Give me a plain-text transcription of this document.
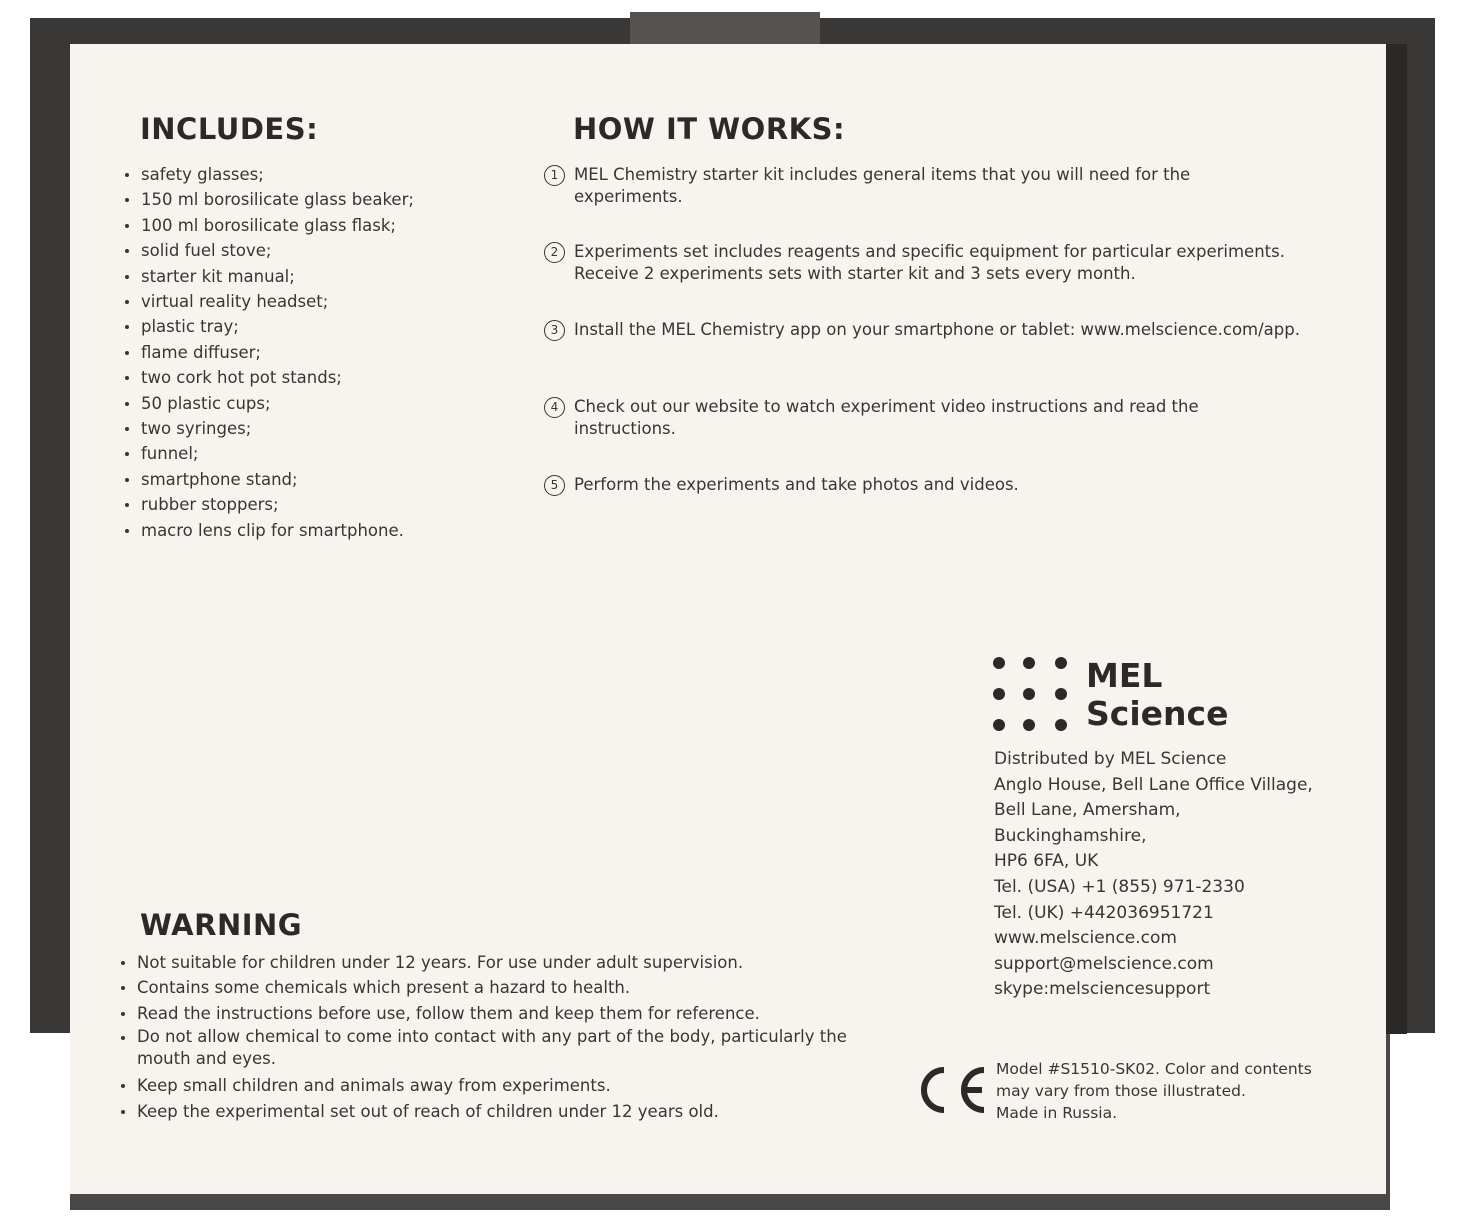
INCLUDES:
safety glasses;
150 ml borosilicate glass beaker;
100 ml borosilicate glass flask;
solid fuel stove;
starter kit manual;
virtual reality headset;
plastic tray;
flame diffuser;
two cork hot pot stands;
50 plastic cups;
two syringes;
funnel;
smartphone stand;
rubber stoppers;
macro lens clip for smartphone.
HOW IT WORKS:
1 MEL Chemistry starter kit includes general items that you will need for the experiments.
2 Experiments set includes reagents and specific equipment for particular experiments. Receive 2 experiments sets with starter kit and 3 sets every month.
3 Install the MEL Chemistry app on your smartphone or tablet: www.melscience.com/app.
4 Check out our website to watch experiment video instructions and read the instructions.
5 Perform the experiments and take photos and videos.
MEL
Science
Distributed by MEL Science
Anglo House, Bell Lane Office Village,
Bell Lane, Amersham,
Buckinghamshire,
HP6 6FA, UK
Tel. (USA) +1 (855) 971-2330
Tel. (UK) +442036951721
www.melscience.com
support@melscience.com
skype:melsciencesupport
WARNING
Not suitable for children under 12 years. For use under adult supervision.
Contains some chemicals which present a hazard to health.
Read the instructions before use, follow them and keep them for reference.
Do not allow chemical to come into contact with any part of the body, particularly the mouth and eyes.
Keep small children and animals away from experiments.
Keep the experimental set out of reach of children under 12 years old.
Model #S1510-SK02. Color and contents
may vary from those illustrated.
Made in Russia.
